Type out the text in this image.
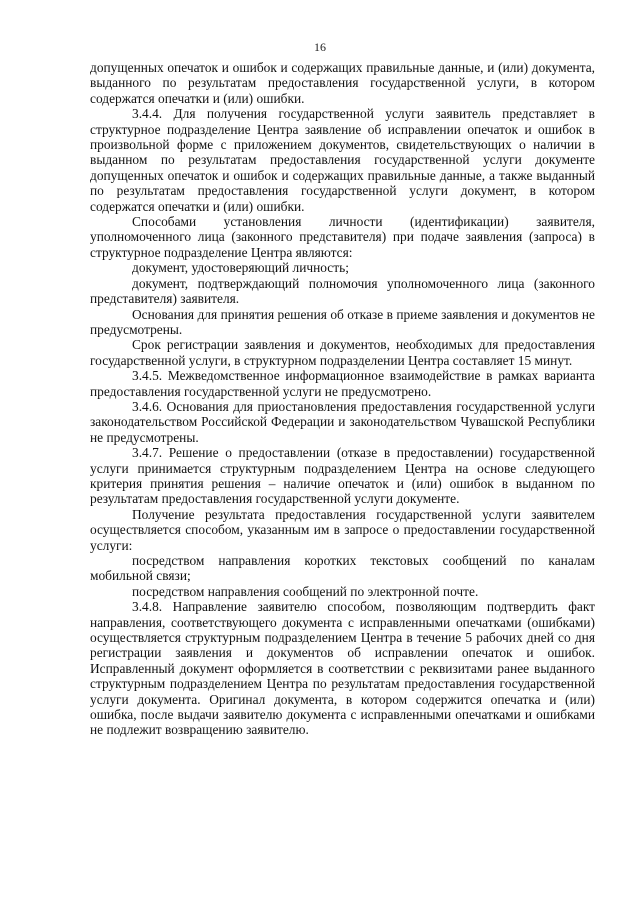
16

допущенных опечаток и ошибок и содержащих правильные данные, и (или) документа, выданного по результатам предоставления государственной услуги, в котором содержатся опечатки и (или) ошибки.

3.4.4. Для получения государственной услуги заявитель представляет в структурное подразделение Центра заявление об исправлении опечаток и ошибок в произвольной форме с приложением документов, свидетельствующих о наличии в выданном по результатам предоставления государственной услуги документе допущенных опечаток и ошибок и содержащих правильные данные, а также выданный по результатам предоставления государственной услуги документ, в котором содержатся опечатки и (или) ошибки.

Способами установления личности (идентификации) заявителя, уполномоченного лица (законного представителя) при подаче заявления (запроса) в структурное подразделение Центра являются:

документ, удостоверяющий личность;

документ, подтверждающий полномочия уполномоченного лица (законного представителя) заявителя.

Основания для принятия решения об отказе в приеме заявления и документов не предусмотрены.

Срок регистрации заявления и документов, необходимых для предоставления государственной услуги, в структурном подразделении Центра составляет 15 минут.

3.4.5. Межведомственное информационное взаимодействие в рамках варианта предоставления государственной услуги не предусмотрено.

3.4.6. Основания для приостановления предоставления государственной услуги законодательством Российской Федерации и законодательством Чувашской Республики не предусмотрены.

3.4.7. Решение о предоставлении (отказе в предоставлении) государственной услуги принимается структурным подразделением Центра на основе следующего критерия принятия решения – наличие опечаток и (или) ошибок в выданном по результатам предоставления государственной услуги документе.

Получение результата предоставления государственной услуги заявителем осуществляется способом, указанным им в запросе о предоставлении государственной услуги:

посредством направления коротких текстовых сообщений по каналам мобильной связи;

посредством направления сообщений по электронной почте.

3.4.8. Направление заявителю способом, позволяющим подтвердить факт направления, соответствующего документа с исправленными опечатками (ошибками) осуществляется структурным подразделением Центра в течение 5 рабочих дней со дня регистрации заявления и документов об исправлении опечаток и ошибок. Исправленный документ оформляется в соответствии с реквизитами ранее выданного структурным подразделением Центра по результатам предоставления государственной услуги документа. Оригинал документа, в котором содержится опечатка и (или) ошибка, после выдачи заявителю документа с исправленными опечатками и ошибками не подлежит возвращению заявителю.
